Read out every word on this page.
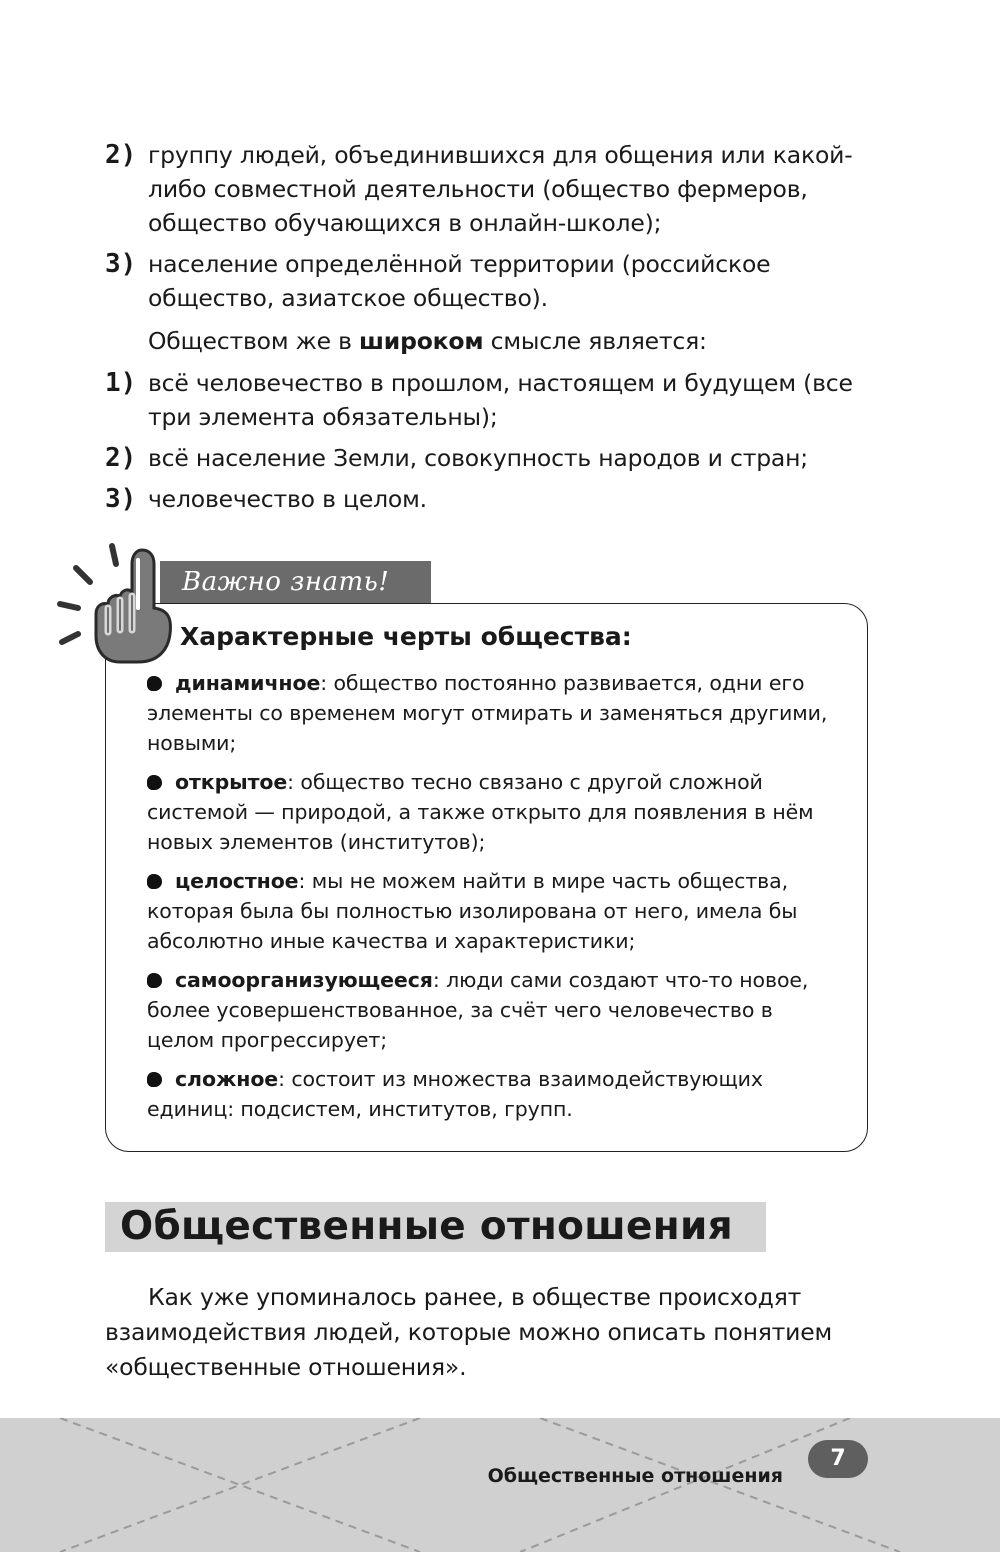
2) группу людей, объединившихся для общения или какой-либо совместной деятельности (общество фермеров, общество обучающихся в онлайн-школе);
3) население определённой территории (российское общество, азиатское общество).
Обществом же в широком смысле является:
1) всё человечество в прошлом, настоящем и будущем (все три элемента обязательны);
2) всё население Земли, совокупность народов и стран;
3) человечество в целом.
Важно знать!
Характерные черты общества:
динамичное: общество постоянно развивается, одни его элементы со временем могут отмирать и заменяться другими, новыми;
открытое: общество тесно связано с другой сложной системой — природой, а также открыто для появления в нём новых элементов (институтов);
целостное: мы не можем найти в мире часть общества, которая была бы полностью изолирована от него, имела бы абсолютно иные качества и характеристики;
самоорганизующееся: люди сами создают что-то новое, более усовершенствованное, за счёт чего человечество в целом прогрессирует;
сложное: состоит из множества взаимодействующих единиц: подсистем, институтов, групп.
Общественные отношения
Как уже упоминалось ранее, в обществе происходят взаимодействия людей, которые можно описать понятием «общественные отношения».
Общественные отношения
7
